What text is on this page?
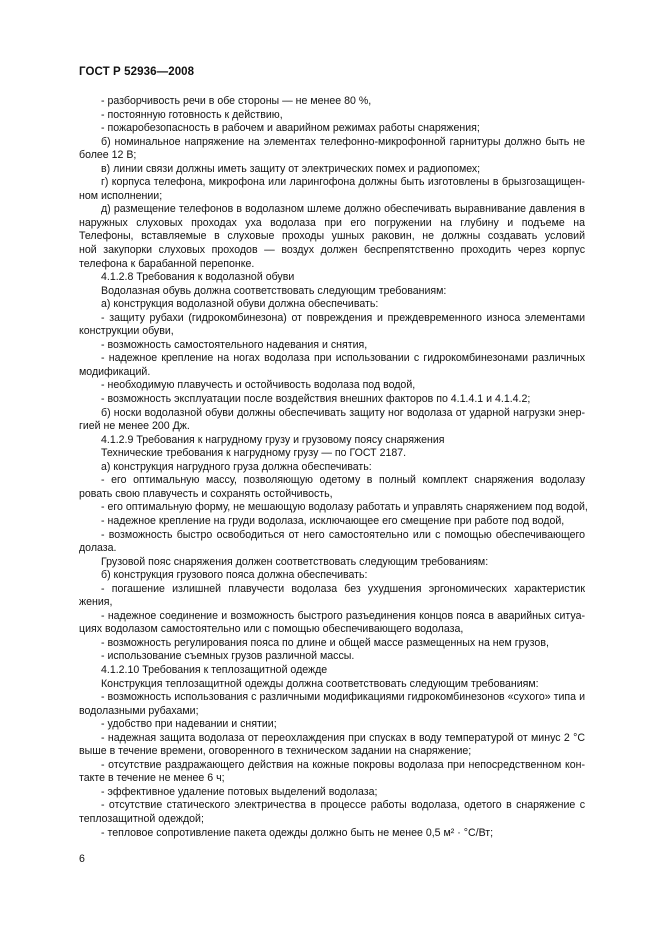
ГОСТ Р 52936—2008
- разборчивость речи в обе стороны — не менее 80 %,
- постоянную готовность к действию,
- пожаробезопасность в рабочем и аварийном режимах работы снаряжения;
б) номинальное напряжение на элементах телефонно-микрофонной гарнитуры должно быть не
более 12 В;
в) линии связи должны иметь защиту от электрических помех и радиопомех;
г) корпуса телефона, микрофона или ларингофона должны быть изготовлены в брызгозащищен-
ном исполнении;
д) размещение телефонов в водолазном шлеме должно обеспечивать выравнивание давления в
наружных слуховых проходах уха водолаза при его погружении на глубину и подъеме на
Телефоны, вставляемые в слуховые проходы ушных раковин, не должны создавать условий
ной закупорки слуховых проходов — воздух должен беспрепятственно проходить через корпус
телефона к барабанной перепонке.
4.1.2.8 Требования к водолазной обуви
Водолазная обувь должна соответствовать следующим требованиям:
а) конструкция водолазной обуви должна обеспечивать:
- защиту рубахи (гидрокомбинезона) от повреждения и преждевременного износа элементами
конструкции обуви,
- возможность самостоятельного надевания и снятия,
- надежное крепление на ногах водолаза при использовании с гидрокомбинезонами различных
модификаций.
- необходимую плавучесть и остойчивость водолаза под водой,
- возможность эксплуатации после воздействия внешних факторов по 4.1.4.1 и 4.1.4.2;
б) носки водолазной обуви должны обеспечивать защиту ног водолаза от ударной нагрузки энер-
гией не менее 200 Дж.
4.1.2.9 Требования к нагрудному грузу и грузовому поясу снаряжения
Технические требования к нагрудному грузу — по ГОСТ 2187.
а) конструкция нагрудного груза должна обеспечивать:
- его оптимальную массу, позволяющую одетому в полный комплект снаряжения водолазу
ровать свою плавучесть и сохранять остойчивость,
- его оптимальную форму, не мешающую водолазу работать и управлять снаряжением под водой,
- надежное крепление на груди водолаза, исключающее его смещение при работе под водой,
- возможность быстро освободиться от него самостоятельно или с помощью обеспечивающего
долаза.
Грузовой пояс снаряжения должен соответствовать следующим требованиям:
б) конструкция грузового пояса должна обеспечивать:
- погашение излишней плавучести водолаза без ухудшения эргономических характеристик
жения,
- надежное соединение и возможность быстрого разъединения концов пояса в аварийных ситуа-
циях водолазом самостоятельно или с помощью обеспечивающего водолаза,
- возможность регулирования пояса по длине и общей массе размещенных на нем грузов,
- использование съемных грузов различной массы.
4.1.2.10 Требования к теплозащитной одежде
Конструкция теплозащитной одежды должна соответствовать следующим требованиям:
- возможность использования с различными модификациями гидрокомбинезонов «сухого» типа и
водолазными рубахами;
- удобство при надевании и снятии;
- надежная защита водолаза от переохлаждения при спусках в воду температурой от минус 2 °С
выше в течение времени, оговоренного в техническом задании на снаряжение;
- отсутствие раздражающего действия на кожные покровы водолаза при непосредственном кон-
такте в течение не менее 6 ч;
- эффективное удаление потовых выделений водолаза;
- отсутствие статического электричества в процессе работы водолаза, одетого в снаряжение с
теплозащитной одеждой;
- тепловое сопротивление пакета одежды должно быть не менее 0,5 м² · °С/Вт;
6
